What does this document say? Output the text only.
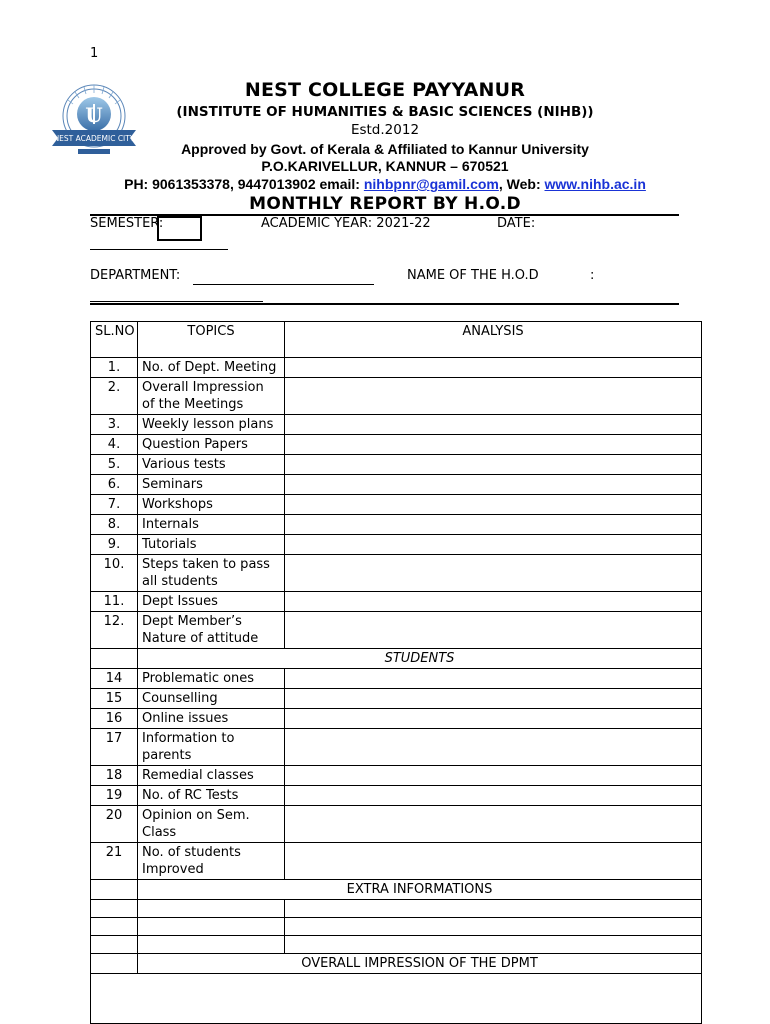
1
U
NEST ACADEMIC CITY
NEST COLLEGE PAYYANUR
(INSTITUTE OF HUMANITIES & BASIC SCIENCES (NIHB))
Estd.2012
Approved by Govt. of Kerala & Affiliated to Kannur University
P.O.KARIVELLUR, KANNUR – 670521
PH: 9061353378, 9447013902 email: nihbpnr@gamil.com, Web: www.nihb.ac.in
MONTHLY REPORT BY H.O.D
SEMESTER:	ACADEMIC YEAR: 2021-22	DATE:
DEPARTMENT:	NAME OF THE H.O.D	:
SL.NO	TOPICS	ANALYSIS
1.	No. of Dept. Meeting	
2.	Overall Impression of the Meetings	
3.	Weekly lesson plans	
4.	Question Papers	
5.	Various tests	
6.	Seminars	
7.	Workshops	
8.	Internals	
9.	Tutorials	
10.	Steps taken to pass all students	
11.	Dept Issues	
12.	Dept Member’s Nature of attitude	
	STUDENTS	
14	Problematic ones	
15	Counselling	
16	Online issues	
17	Information to parents	
18	Remedial classes	
19	No. of RC Tests	
20	Opinion on Sem. Class	
21	No. of students Improved	
	EXTRA INFORMATIONS	

	OVERALL IMPRESSION OF THE DPMT	
